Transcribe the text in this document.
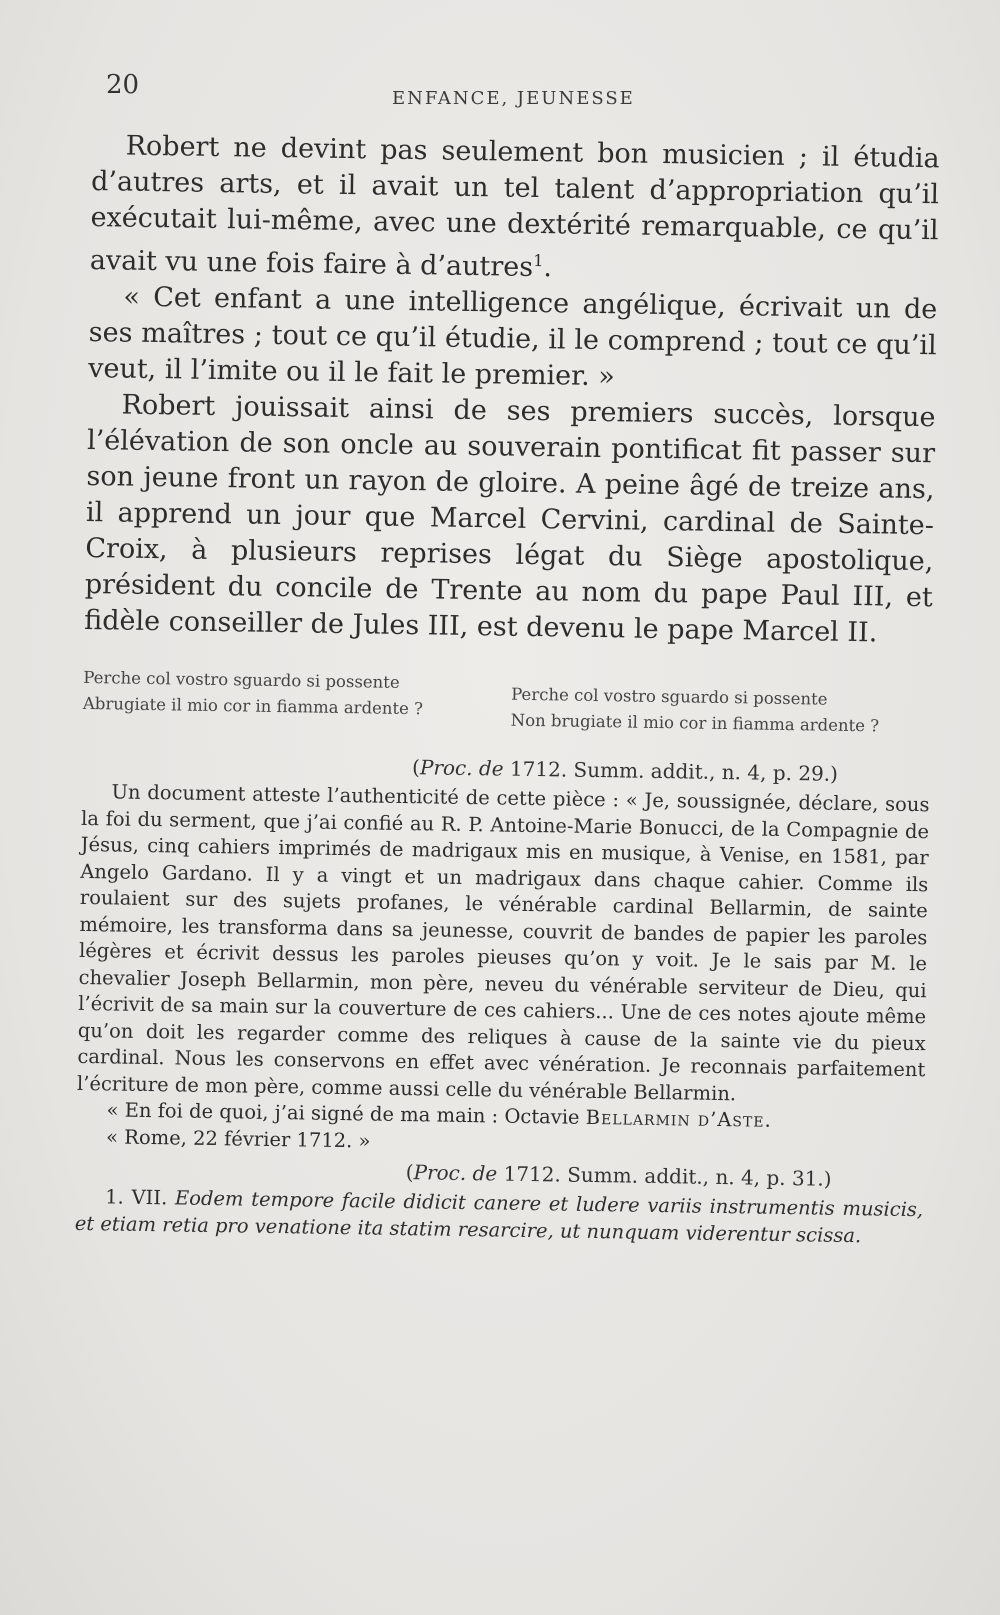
20	ENFANCE, JEUNESSE

Robert ne devint pas seulement bon musicien ; il étudia d’autres arts, et il avait un tel talent d’appropriation qu’il exécutait lui-même, avec une dextérité remarquable, ce qu’il avait vu une fois faire à d’autres$^1$.

« Cet enfant a une intelligence angélique, écrivait un de ses maîtres ; tout ce qu’il étudie, il le comprend ; tout ce qu’il veut, il l’imite ou il le fait le premier. »

Robert jouissait ainsi de ses premiers succès, lorsque l’élévation de son oncle au souverain pontificat fit passer sur son jeune front un rayon de gloire. A peine âgé de treize ans, il apprend un jour que Marcel Cervini, cardinal de Sainte-Croix, à plusieurs reprises légat du Siège apostolique, président du concile de Trente au nom du pape Paul III, et fidèle conseiller de Jules III, est devenu le pape Marcel II.

Perche col vostro sguardo si possente
Abrugiate il mio cor in fiamma ardente ?	Perche col vostro sguardo si possente
Non brugiate il mio cor in fiamma ardente ?

(Proc. de 1712. Summ. addit., n. 4, p. 29.)

Un document atteste l’authenticité de cette pièce : « Je, soussignée, déclare, sous la foi du serment, que j’ai confié au R. P. Antoine-Marie Bonucci, de la Compagnie de Jésus, cinq cahiers imprimés de madrigaux mis en musique, à Venise, en 1581, par Angelo Gardano. Il y a vingt et un madrigaux dans chaque cahier. Comme ils roulaient sur des sujets profanes, le vénérable cardinal Bellarmin, de sainte mémoire, les transforma dans sa jeunesse, couvrit de bandes de papier les paroles légères et écrivit dessus les paroles pieuses qu’on y voit. Je le sais par M. le chevalier Joseph Bellarmin, mon père, neveu du vénérable serviteur de Dieu, qui l’écrivit de sa main sur la couverture de ces cahiers... Une de ces notes ajoute même qu’on doit les regarder comme des reliques à cause de la sainte vie du pieux cardinal. Nous les conservons en effet avec vénération. Je reconnais parfaitement l’écriture de mon père, comme aussi celle du vénérable Bellarmin.

« En foi de quoi, j’ai signé de ma main : Octavie Bellarmin d’Aste.

« Rome, 22 février 1712. »

(Proc. de 1712. Summ. addit., n. 4, p. 31.)

1. VII. Eodem tempore facile didicit canere et ludere variis instrumentis musicis, et etiam retia pro venatione ita statim resarcire, ut nunquam viderentur scissa.
